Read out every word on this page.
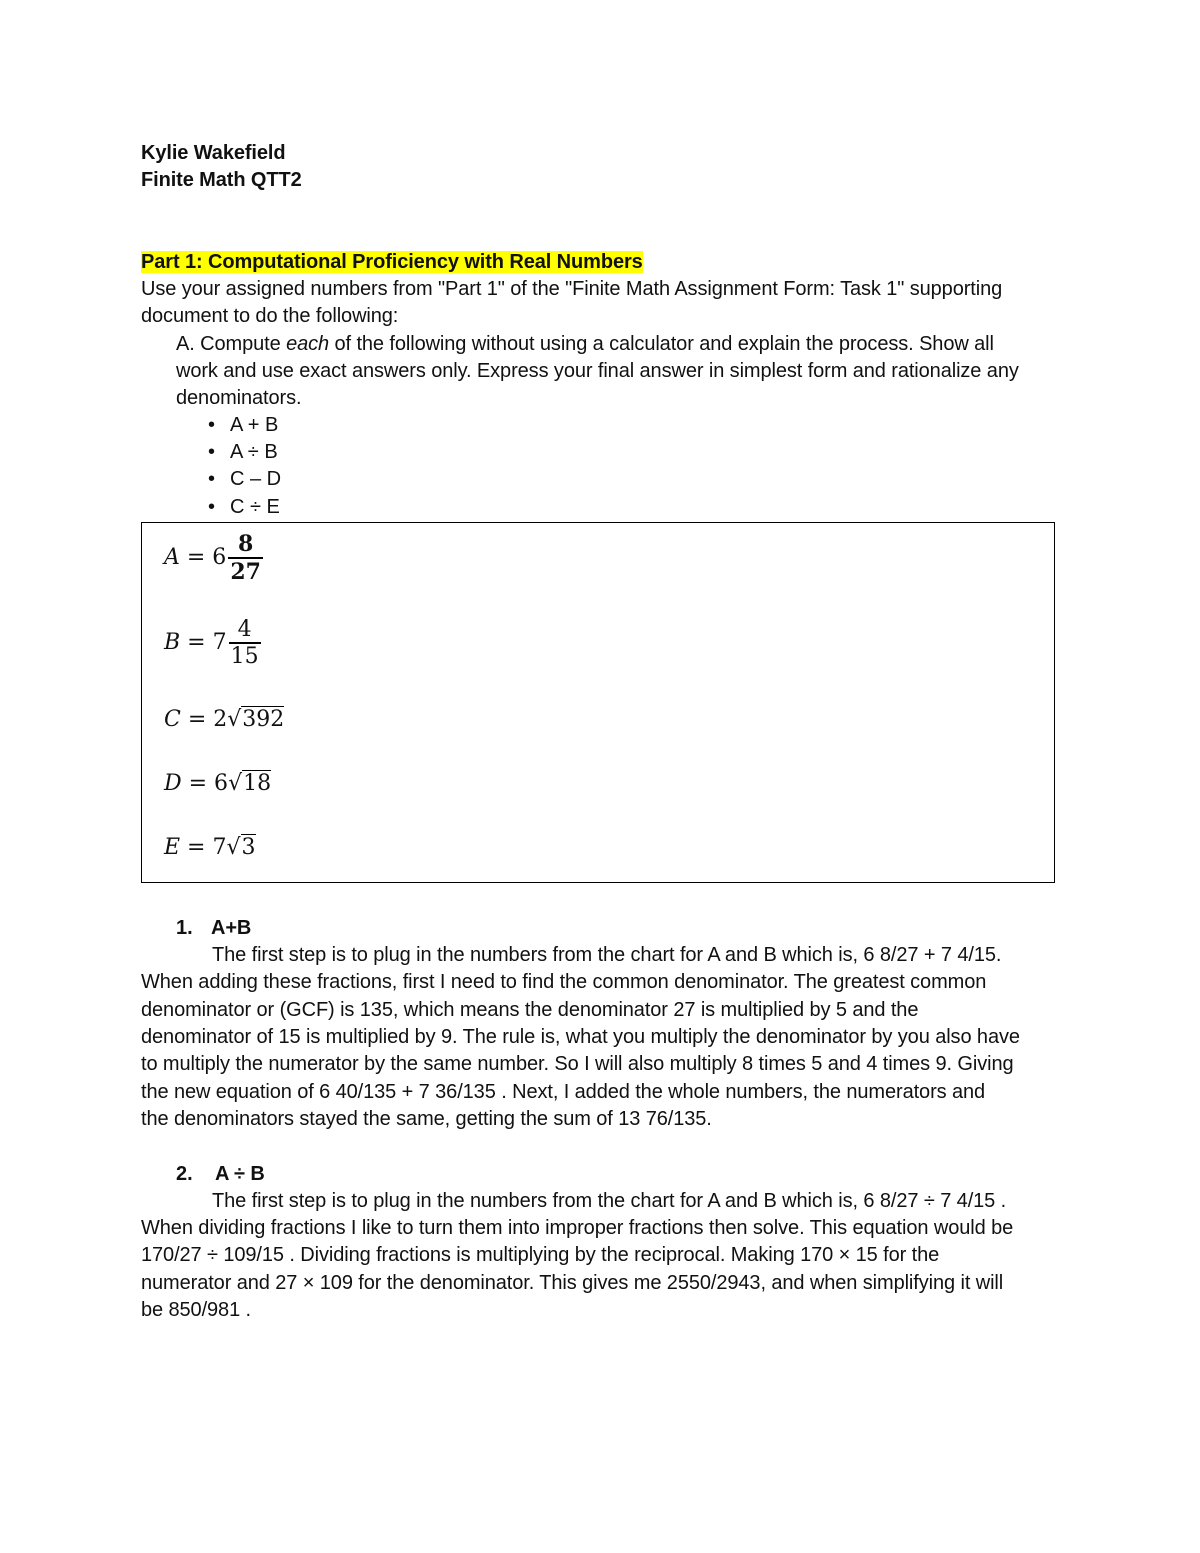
Kylie Wakefield
Finite Math QTT2
Part 1: Computational Proficiency with Real Numbers
Use your assigned numbers from "Part 1" of the "Finite Math Assignment Form: Task 1" supporting
document to do the following:
A. Compute each of the following without using a calculator and explain the process. Show all
work and use exact answers only. Express your final answer in simplest form and rationalize any
denominators.
• A + B
• A ÷ B
• C – D
• C ÷ E
$A = 6 \frac{8}{27}$
$B = 7 \frac{4}{15}$
C = 2√392
D = 6√18
E = 7√3
1. A+B
The first step is to plug in the numbers from the chart for A and B which is, 6 8/27 + 7 4/15.
When adding these fractions, first I need to find the common denominator. The greatest common
denominator or (GCF) is 135, which means the denominator 27 is multiplied by 5 and the
denominator of 15 is multiplied by 9. The rule is, what you multiply the denominator by you also have
to multiply the numerator by the same number. So I will also multiply 8 times 5 and 4 times 9. Giving
the new equation of 6 40/135 + 7 36/135 . Next, I added the whole numbers, the numerators and
the denominators stayed the same, getting the sum of 13 76/135.
2. A ÷ B
The first step is to plug in the numbers from the chart for A and B which is, 6 8/27 ÷ 7 4/15 .
When dividing fractions I like to turn them into improper fractions then solve. This equation would be
170/27 ÷ 109/15 . Dividing fractions is multiplying by the reciprocal. Making 170 × 15 for the
numerator and 27 × 109 for the denominator. This gives me 2550/2943, and when simplifying it will
be 850/981 .
